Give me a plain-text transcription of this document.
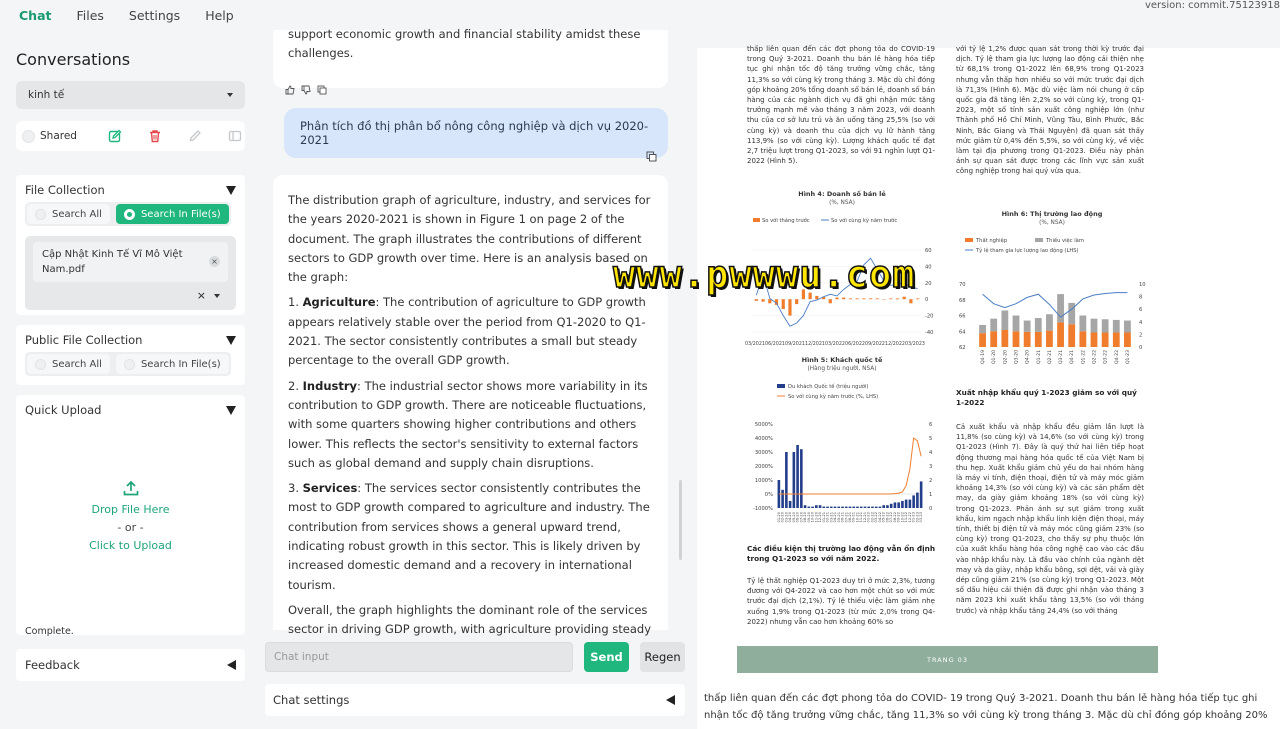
Chat Files Settings Help
version: commit.75123918
Conversations
kinh tế
Shared
File Collection
Search All	Search In File(s)
Cập Nhật Kinh Tế Vĩ Mô Việt Nam.pdf
×
×
Public File Collection
Search All	Search In File(s)
Quick Upload
Drop File Here
- or -
Click to Upload
Complete.
Feedback
support economic growth and financial stability amidst these
challenges.
Phân tích đồ thị phân bổ nông công nghiệp và dịch vụ 2020-2021

The distribution graph of agriculture, industry, and services for the years 2020-2021 is shown in Figure 1 on page 2 of the document. The graph illustrates the contributions of different sectors to GDP growth over time. Here is an analysis based on the graph:

1. Agriculture: The contribution of agriculture to GDP growth appears relatively stable over the period from Q1-2020 to Q1-2021. The sector consistently contributes a small but steady percentage to the overall GDP growth.

2. Industry: The industrial sector shows more variability in its contribution to GDP growth. There are noticeable fluctuations, with some quarters showing higher contributions and others lower. This reflects the sector's sensitivity to external factors such as global demand and supply chain disruptions.

3. Services: The services sector consistently contributes the most to GDP growth compared to agriculture and industry. The contribution from services shows a general upward trend, indicating robust growth in this sector. This is likely driven by increased domestic demand and a recovery in international tourism.

Overall, the graph highlights the dominant role of the services sector in driving GDP growth, with agriculture providing steady

Chat input	Send	Regen
Chat settings
thấp liên quan đến các đợt phong tỏa do COVID-19 trong Quý 3-2021. Doanh thu bán lẻ hàng hóa tiếp tục ghi nhận tốc độ tăng trưởng vững chắc, tăng 11,3% so với cùng kỳ trong tháng 3. Mặc dù chỉ đóng góp khoảng 20% tổng doanh số bán lẻ, doanh số bán hàng của các ngành dịch vụ đã ghi nhận mức tăng trưởng mạnh mẽ vào tháng 3 năm 2023, với doanh thu của cơ sở lưu trú và ăn uống tăng 25,5% (so với cùng kỳ) và doanh thu của dịch vụ lữ hành tăng 113,9% (so với cùng kỳ). Lượng khách quốc tế đạt 2,7 triệu lượt trong Q1-2023, so với 91 nghìn lượt Q1-2022 (Hình 5).
với tỷ lệ 1,2% được quan sát trong thời kỳ trước đại dịch. Tỷ lệ tham gia lực lượng lao động cải thiện nhẹ từ 68,1% trong Q1-2022 lên 68,9% trong Q1-2023 nhưng vẫn thấp hơn nhiều so với mức trước đại dịch là 71,3% (Hình 6). Mặc dù việc làm nói chung ở cấp quốc gia đã tăng lên 2,2% so với cùng kỳ, trong Q1-2023, một số tỉnh sản xuất công nghiệp lớn (như Thành phố Hồ Chí Minh, Vũng Tàu, Bình Phước, Bắc Ninh, Bắc Giang và Thái Nguyên) đã quan sát thấy mức giảm từ 0,4% đến 5,5%, so với cùng kỳ, về việc làm tại địa phương trong Q1-2023. Điều này phản ánh sự quan sát được trong các lĩnh vực sản xuất công nghiệp trong hai quý vừa qua.
Hình 4: Doanh số bán lẻ
(%, NSA)
So với tháng trước	So với cùng kỳ năm trước
60
40
20
0
-20
-40
03/2021 06/2021 09/2021 12/2021 03/2022 06/2022 09/2022 12/2022 03/2023
Hình 6: Thị trường lao động
(%, NSA)
Thất nghiệp	Thiếu việc làm
Tỷ lệ tham gia lực lượng lao động (LHS)
70
68
66
64
62
10
8
6
4
2
0
Q4-19 Q1-20 Q2-20 Q3-20 Q4-20 Q1-21 Q2-21 Q3-21 Q4-21 Q1-22 Q2-22 Q3-22 Q4-22 Q1-23
Hình 5: Khách quốc tế
(Hàng triệu người, NSA)
Du khách Quốc tế (triệu người)
So với cùng kỳ năm trước (%, LHS)
5000%
4000%
3000%
2000%
1000%
0%
-1000%
6
5
4
3
2
1
0
01-20 02-20 03-20 04-20 05-20 06-20 07-20 08-20 09-20 10-20 11-20 12-20 01-21 02-21 03-21 04-21 05-21 06-21 07-21 08-21 09-21 10-21 11-21 12-21 01-22 02-22 03-22 04-22 05-22 06-22 07-22 08-22 09-22 10-22 11-22 12-22 01-23 02-23 03-23
Các điều kiện thị trường lao động vẫn ổn định trong Q1-2023 so với năm 2022.
Tỷ lệ thất nghiệp Q1-2023 duy trì ở mức 2,3%, tương đương với Q4-2022 và cao hơn một chút so với mức trước đại dịch (2,1%). Tỷ lệ thiếu việc làm giảm nhẹ xuống 1,9% trong Q1-2023 (từ mức 2,0% trong Q4-2022) nhưng vẫn cao hơn khoảng 60% so
Xuất nhập khẩu quý 1-2023 giảm so với quý 1-2022
Cả xuất khẩu và nhập khẩu đều giảm lần lượt là 11,8% (so cùng kỳ) và 14,6% (so với cùng kỳ) trong Q1-2023 (Hình 7). Đây là quý thứ hai liên tiếp hoạt động thương mại hàng hóa quốc tế của Việt Nam bị thu hẹp. Xuất khẩu giảm chủ yếu do hai nhóm hàng là máy vi tính, điện thoại, điện tử và máy móc giảm khoảng 14,3% (so với cùng kỳ) và các sản phẩm dệt may, da giày giảm khoảng 18% (so với cùng kỳ) trong Q1-2023. Phản ánh sự sụt giảm trong xuất khẩu, kim ngạch nhập khẩu linh kiện điện thoại, máy tính, thiết bị điện tử và máy móc cũng giảm 23% (so cùng kỳ) trong Q1-2023, cho thấy sự phụ thuộc lớn của xuất khẩu hàng hóa công nghệ cao vào các đầu vào nhập khẩu này. Là đầu vào chính của ngành dệt may và da giày, nhập khẩu bông, sợi dệt, vải và giày dép cũng giảm 21% (so cùng kỳ) trong Q1-2023. Một số dấu hiệu cải thiện đã được ghi nhận vào tháng 3 năm 2023 khi xuất khẩu tăng 13,5% (so với tháng trước) và nhập khẩu tăng 24,4% (so với tháng
TRANG 03
thấp liên quan đến các đợt phong tỏa do COVID- 19 trong Quý 3-2021. Doanh thu bán lẻ hàng hóa tiếp tục ghi
nhận tốc độ tăng trưởng vững chắc, tăng 11,3% so với cùng kỳ trong tháng 3. Mặc dù chỉ đóng góp khoảng 20%
www.pwwwu.com
